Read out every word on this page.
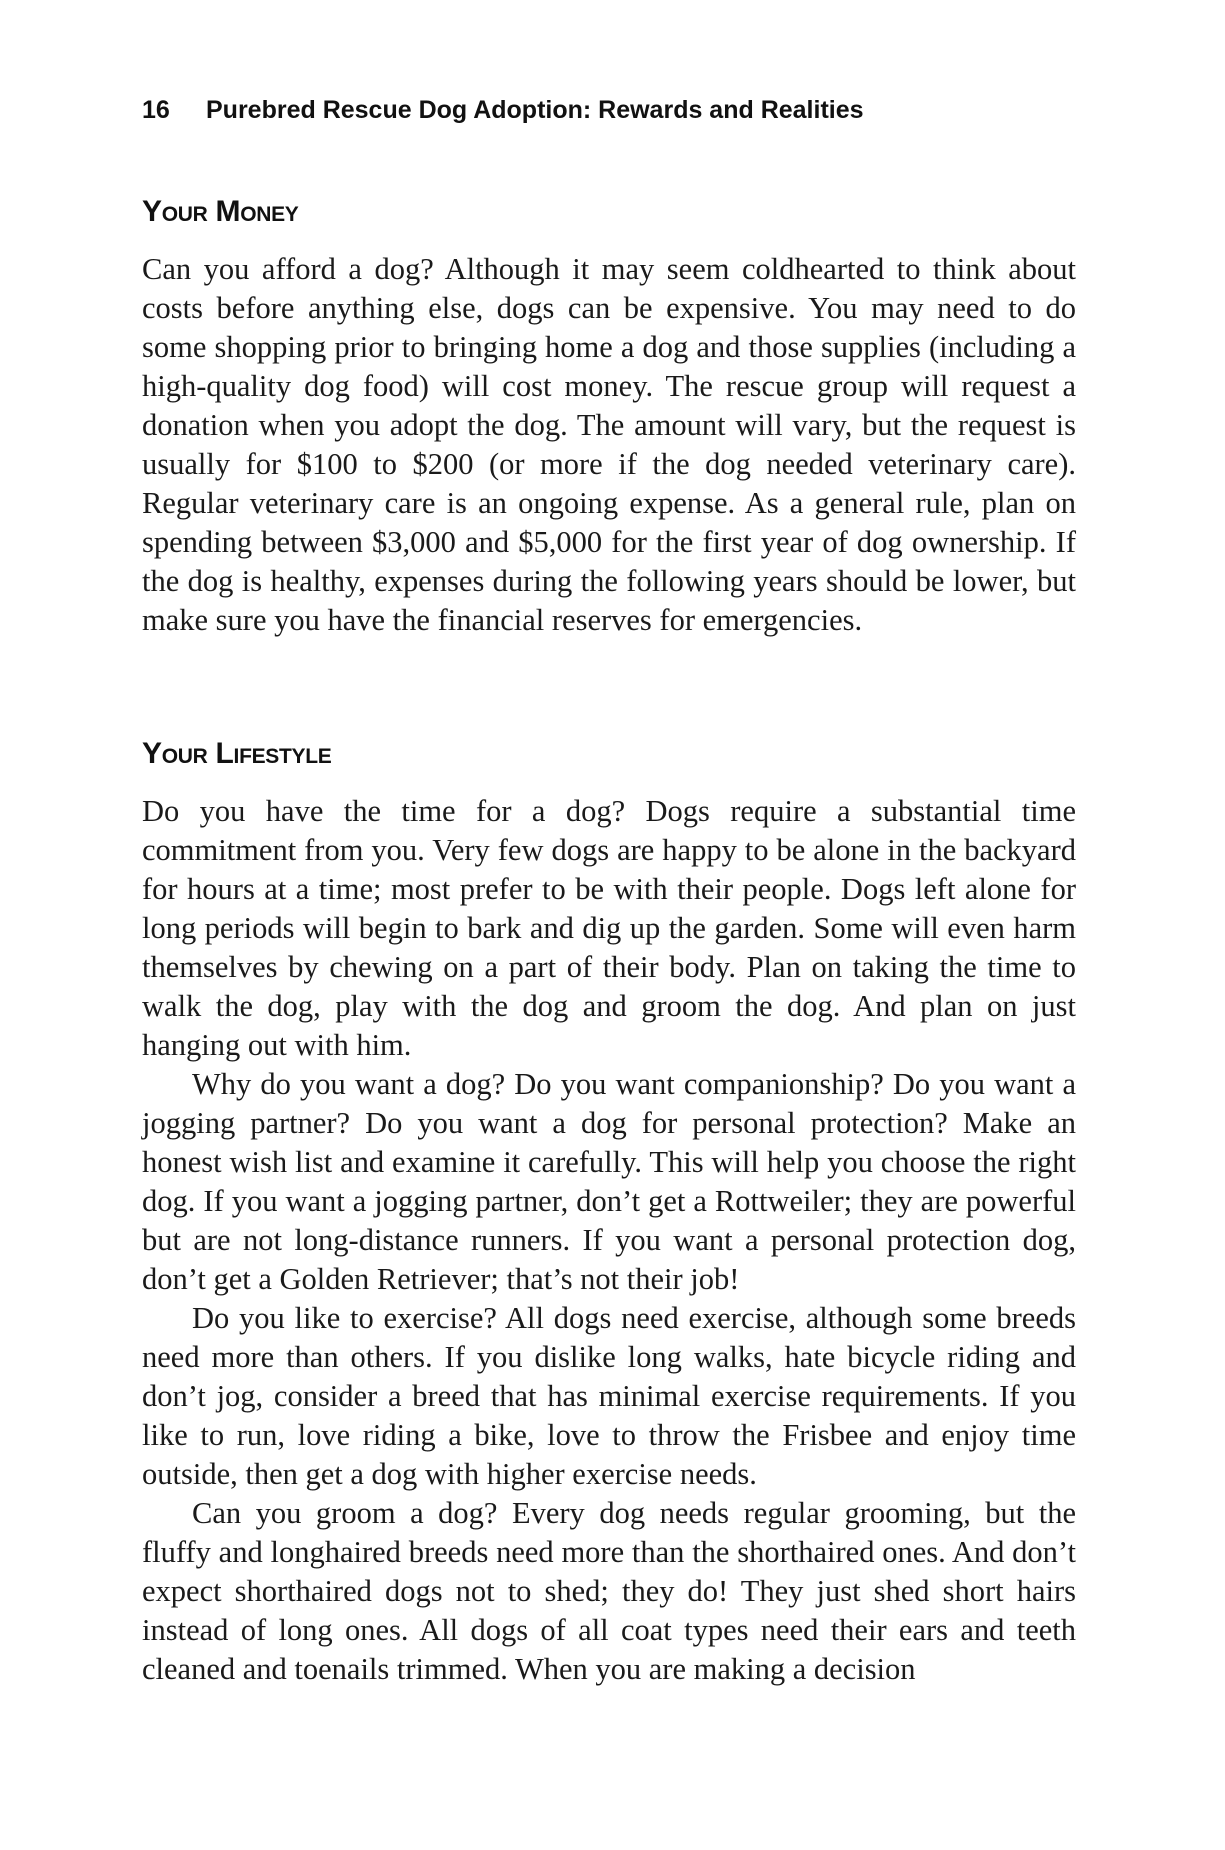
16 Purebred Rescue Dog Adoption: Rewards and Realities
Your Money

Can you afford a dog? Although it may seem coldhearted to think about costs before anything else, dogs can be expensive. You may need to do some shopping prior to bringing home a dog and those supplies (including a high-quality dog food) will cost money. The rescue group will request a donation when you adopt the dog. The amount will vary, but the request is usually for $100 to $200 (or more if the dog needed veterinary care). Regular veterinary care is an ongoing expense. As a general rule, plan on spending between $3,000 and $5,000 for the first year of dog ownership. If the dog is healthy, expenses during the following years should be lower, but make sure you have the financial reserves for emergencies.

Your Lifestyle

Do you have the time for a dog? Dogs require a substantial time commitment from you. Very few dogs are happy to be alone in the backyard for hours at a time; most prefer to be with their people. Dogs left alone for long periods will begin to bark and dig up the garden. Some will even harm themselves by chewing on a part of their body. Plan on taking the time to walk the dog, play with the dog and groom the dog. And plan on just hanging out with him.

Why do you want a dog? Do you want companionship? Do you want a jogging partner? Do you want a dog for personal protection? Make an honest wish list and examine it carefully. This will help you choose the right dog. If you want a jogging partner, don’t get a Rottweiler; they are powerful but are not long-distance runners. If you want a personal protection dog, don’t get a Golden Retriever; that’s not their job!

Do you like to exercise? All dogs need exercise, although some breeds need more than others. If you dislike long walks, hate bicycle riding and don’t jog, consider a breed that has minimal exercise requirements. If you like to run, love riding a bike, love to throw the Frisbee and enjoy time outside, then get a dog with higher exercise needs.

Can you groom a dog? Every dog needs regular grooming, but the fluffy and longhaired breeds need more than the shorthaired ones. And don’t expect shorthaired dogs not to shed; they do! They just shed short hairs instead of long ones. All dogs of all coat types need their ears and teeth cleaned and toenails trimmed. When you are making a decision
